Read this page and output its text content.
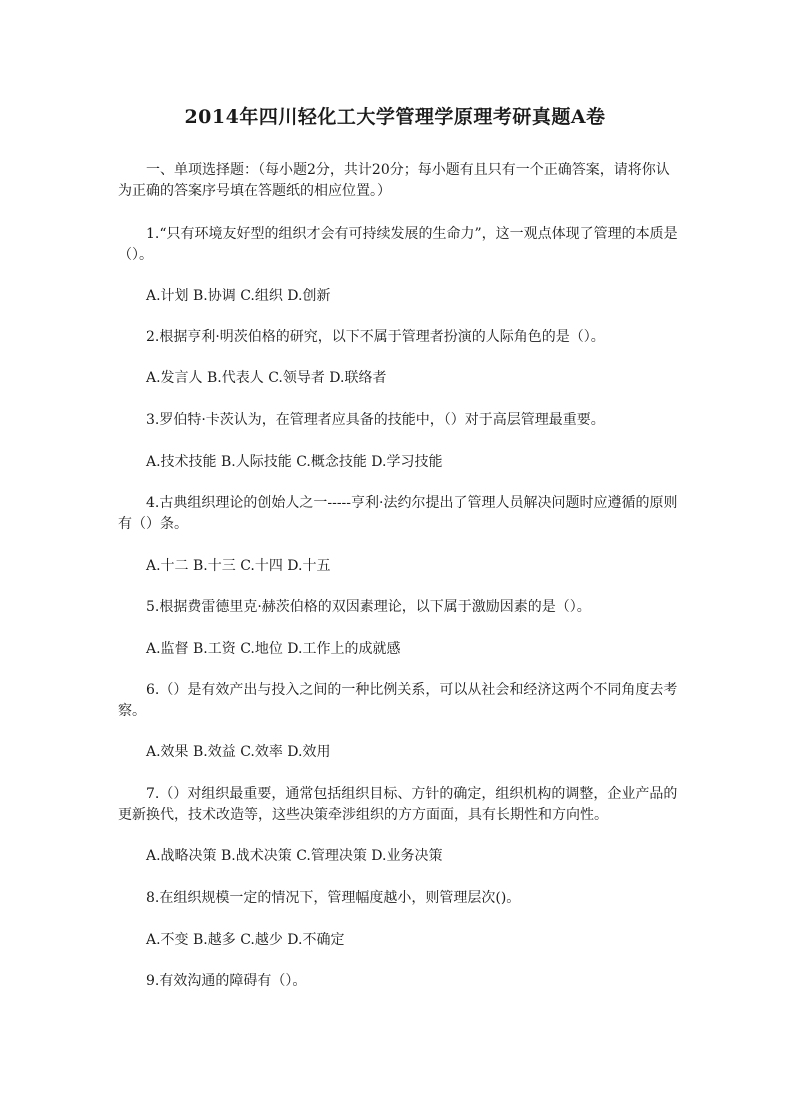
2014年四川轻化工大学管理学原理考研真题A卷

一、单项选择题：（每小题2分，共计20分；每小题有且只有一个正确答案，请将你认为正确的答案序号填在答题纸的相应位置。）

1.“只有环境友好型的组织才会有可持续发展的生命力”，这一观点体现了管理的本质是（）。

A.计划 B.协调 C.组织 D.创新

2.根据亨利·明茨伯格的研究，以下不属于管理者扮演的人际角色的是（）。

A.发言人 B.代表人 C.领导者 D.联络者

3.罗伯特·卡茨认为，在管理者应具备的技能中，（）对于高层管理最重要。

A.技术技能 B.人际技能 C.概念技能 D.学习技能

4.古典组织理论的创始人之一-----亨利·法约尔提出了管理人员解决问题时应遵循的原则有（）条。

A.十二 B.十三 C.十四 D.十五

5.根据费雷德里克·赫茨伯格的双因素理论，以下属于激励因素的是（）。

A.监督 B.工资 C.地位 D.工作上的成就感

6.（）是有效产出与投入之间的一种比例关系，可以从社会和经济这两个不同角度去考察。

A.效果 B.效益 C.效率 D.效用

7.（）对组织最重要，通常包括组织目标、方针的确定，组织机构的调整，企业产品的更新换代，技术改造等，这些决策牵涉组织的方方面面，具有长期性和方向性。

A.战略决策 B.战术决策 C.管理决策 D.业务决策

8.在组织规模一定的情况下，管理幅度越小，则管理层次()。

A.不变 B.越多 C.越少 D.不确定

9.有效沟通的障碍有（）。
